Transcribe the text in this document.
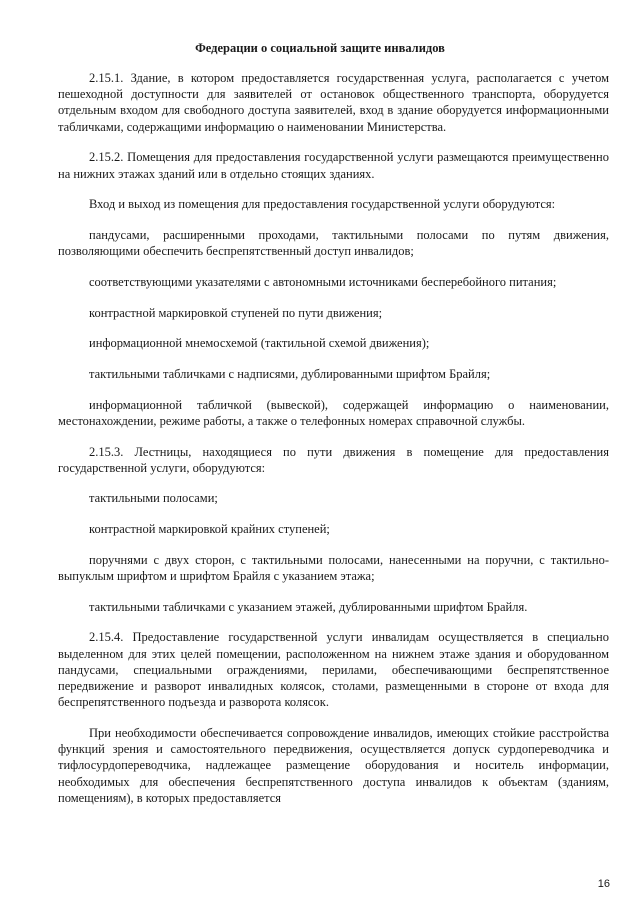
Федерации о социальной защите инвалидов

2.15.1. Здание, в котором предоставляется государственная услуга, располагается с учетом пешеходной доступности для заявителей от остановок общественного транспорта, оборудуется отдельным входом для свободного доступа заявителей, вход в здание оборудуется информационными табличками, содержащими информацию о наименовании Министерства.

2.15.2. Помещения для предоставления государственной услуги размещаются преимущественно на нижних этажах зданий или в отдельно стоящих зданиях.

Вход и выход из помещения для предоставления государственной услуги оборудуются:

пандусами, расширенными проходами, тактильными полосами по путям движения, позволяющими обеспечить беспрепятственный доступ инвалидов;

соответствующими указателями с автономными источниками бесперебойного питания;

контрастной маркировкой ступеней по пути движения;

информационной мнемосхемой (тактильной схемой движения);

тактильными табличками с надписями, дублированными шрифтом Брайля;

информационной табличкой (вывеской), содержащей информацию о наименовании, местонахождении, режиме работы, а также о телефонных номерах справочной службы.

2.15.3. Лестницы, находящиеся по пути движения в помещение для предоставления государственной услуги, оборудуются:

тактильными полосами;

контрастной маркировкой крайних ступеней;

поручнями с двух сторон, с тактильными полосами, нанесенными на поручни, с тактильно-выпуклым шрифтом и шрифтом Брайля с указанием этажа;

тактильными табличками с указанием этажей, дублированными шрифтом Брайля.

2.15.4. Предоставление государственной услуги инвалидам осуществляется в специально выделенном для этих целей помещении, расположенном на нижнем этаже здания и оборудованном пандусами, специальными ограждениями, перилами, обеспечивающими беспрепятственное передвижение и разворот инвалидных колясок, столами, размещенными в стороне от входа для беспрепятственного подъезда и разворота колясок.

При необходимости обеспечивается сопровождение инвалидов, имеющих стойкие расстройства функций зрения и самостоятельного передвижения, осуществляется допуск сурдопереводчика и тифлосурдопереводчика, надлежащее размещение оборудования и носитель информации, необходимых для обеспечения беспрепятственного доступа инвалидов к объектам (зданиям, помещениям), в которых предоставляется

16
